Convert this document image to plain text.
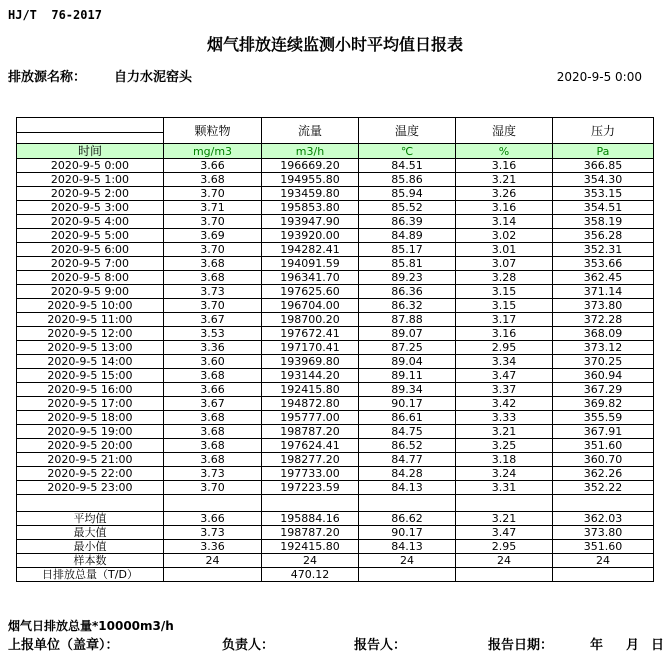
HJ/T  76-2017
烟气排放连续监测小时平均值日报表
排放源名称： 自力水泥窑头	2020-9-5 0:00
	颗粒物	流量	温度	湿度	压力

时间	mg/m3	m3/h	℃	%	Pa
2020-9-5 0:00	3.66	196669.20	84.51	3.16	366.85
2020-9-5 1:00	3.68	194955.80	85.86	3.21	354.30
2020-9-5 2:00	3.70	193459.80	85.94	3.26	353.15
2020-9-5 3:00	3.71	195853.80	85.52	3.16	354.51
2020-9-5 4:00	3.70	193947.90	86.39	3.14	358.19
2020-9-5 5:00	3.69	193920.00	84.89	3.02	356.28
2020-9-5 6:00	3.70	194282.41	85.17	3.01	352.31
2020-9-5 7:00	3.68	194091.59	85.81	3.07	353.66
2020-9-5 8:00	3.68	196341.70	89.23	3.28	362.45
2020-9-5 9:00	3.73	197625.60	86.36	3.15	371.14
2020-9-5 10:00	3.70	196704.00	86.32	3.15	373.80
2020-9-5 11:00	3.67	198700.20	87.88	3.17	372.28
2020-9-5 12:00	3.53	197672.41	89.07	3.16	368.09
2020-9-5 13:00	3.36	197170.41	87.25	2.95	373.12
2020-9-5 14:00	3.60	193969.80	89.04	3.34	370.25
2020-9-5 15:00	3.68	193144.20	89.11	3.47	360.94
2020-9-5 16:00	3.66	192415.80	89.34	3.37	367.29
2020-9-5 17:00	3.67	194872.80	90.17	3.42	369.82
2020-9-5 18:00	3.68	195777.00	86.61	3.33	355.59
2020-9-5 19:00	3.68	198787.20	84.75	3.21	367.91
2020-9-5 20:00	3.68	197624.41	86.52	3.25	351.60
2020-9-5 21:00	3.68	198277.20	84.77	3.18	360.70
2020-9-5 22:00	3.73	197733.00	84.28	3.24	362.26
2020-9-5 23:00	3.70	197223.59	84.13	3.31	352.22

平均值	3.66	195884.16	86.62	3.21	362.03
最大值	3.73	198787.20	90.17	3.47	373.80
最小值	3.36	192415.80	84.13	2.95	351.60
样本数	24	24	24	24	24
日排放总量（T/D）		470.12			
烟气日排放总量*10000m3/h
上报单位（盖章）：	负责人：	报告人：	报告日期：	年 月 日
